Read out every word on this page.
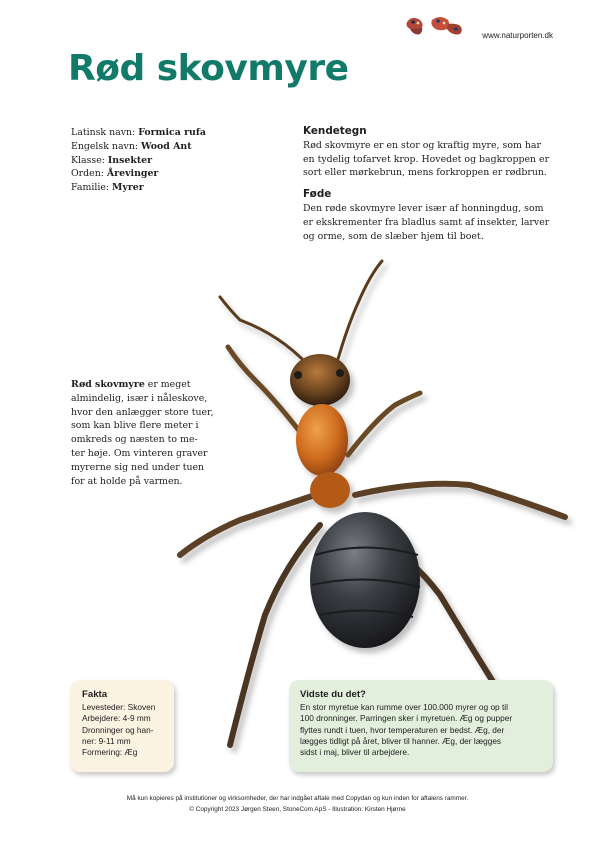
www.naturporten.dk
Rød skovmyre
Latinsk navn: Formica rufa
Engelsk navn: Wood Ant
Klasse: Insekter
Orden: Årevinger
Familie: Myrer
Kendetegn

Rød skovmyre er en stor og kraftig myre, som har
en tydelig tofarvet krop. Hovedet og bagkroppen er
sort eller mørkebrun, mens forkroppen er rødbrun.

Føde

Den røde skovmyre lever især af honningdug, som
er ekskrementer fra bladlus samt af insekter, larver
og orme, som de slæber hjem til boet.

Rød skovmyre er meget
almindelig, især i nåleskove,
hvor den anlægger store tuer,
som kan blive flere meter i
omkreds og næsten to me-
ter høje. Om vinteren graver
myrerne sig ned under tuen
for at holde på varmen.
Fakta
Levesteder: Skoven
Arbejdere: 4-9 mm
Dronninger og han-
ner: 9-11 mm
Formering: Æg
Vidste du det?
En stor myretue kan rumme over 100.000 myrer og op til
100 dronninger. Parringen sker i myretuen. Æg og pupper
flyttes rundt i tuen, hvor temperaturen er bedst. Æg, der
lægges tidligt på året, bliver til hanner. Æg, der lægges
sidst i maj, bliver til arbejdere.
Må kun kopieres på institutioner og virksomheder, der har indgået aftale med Copydan og kun inden for aftalens rammer.
© Copyright 2023 Jørgen Steen, StoneCom ApS - Illustration: Kirsten Hjørne
